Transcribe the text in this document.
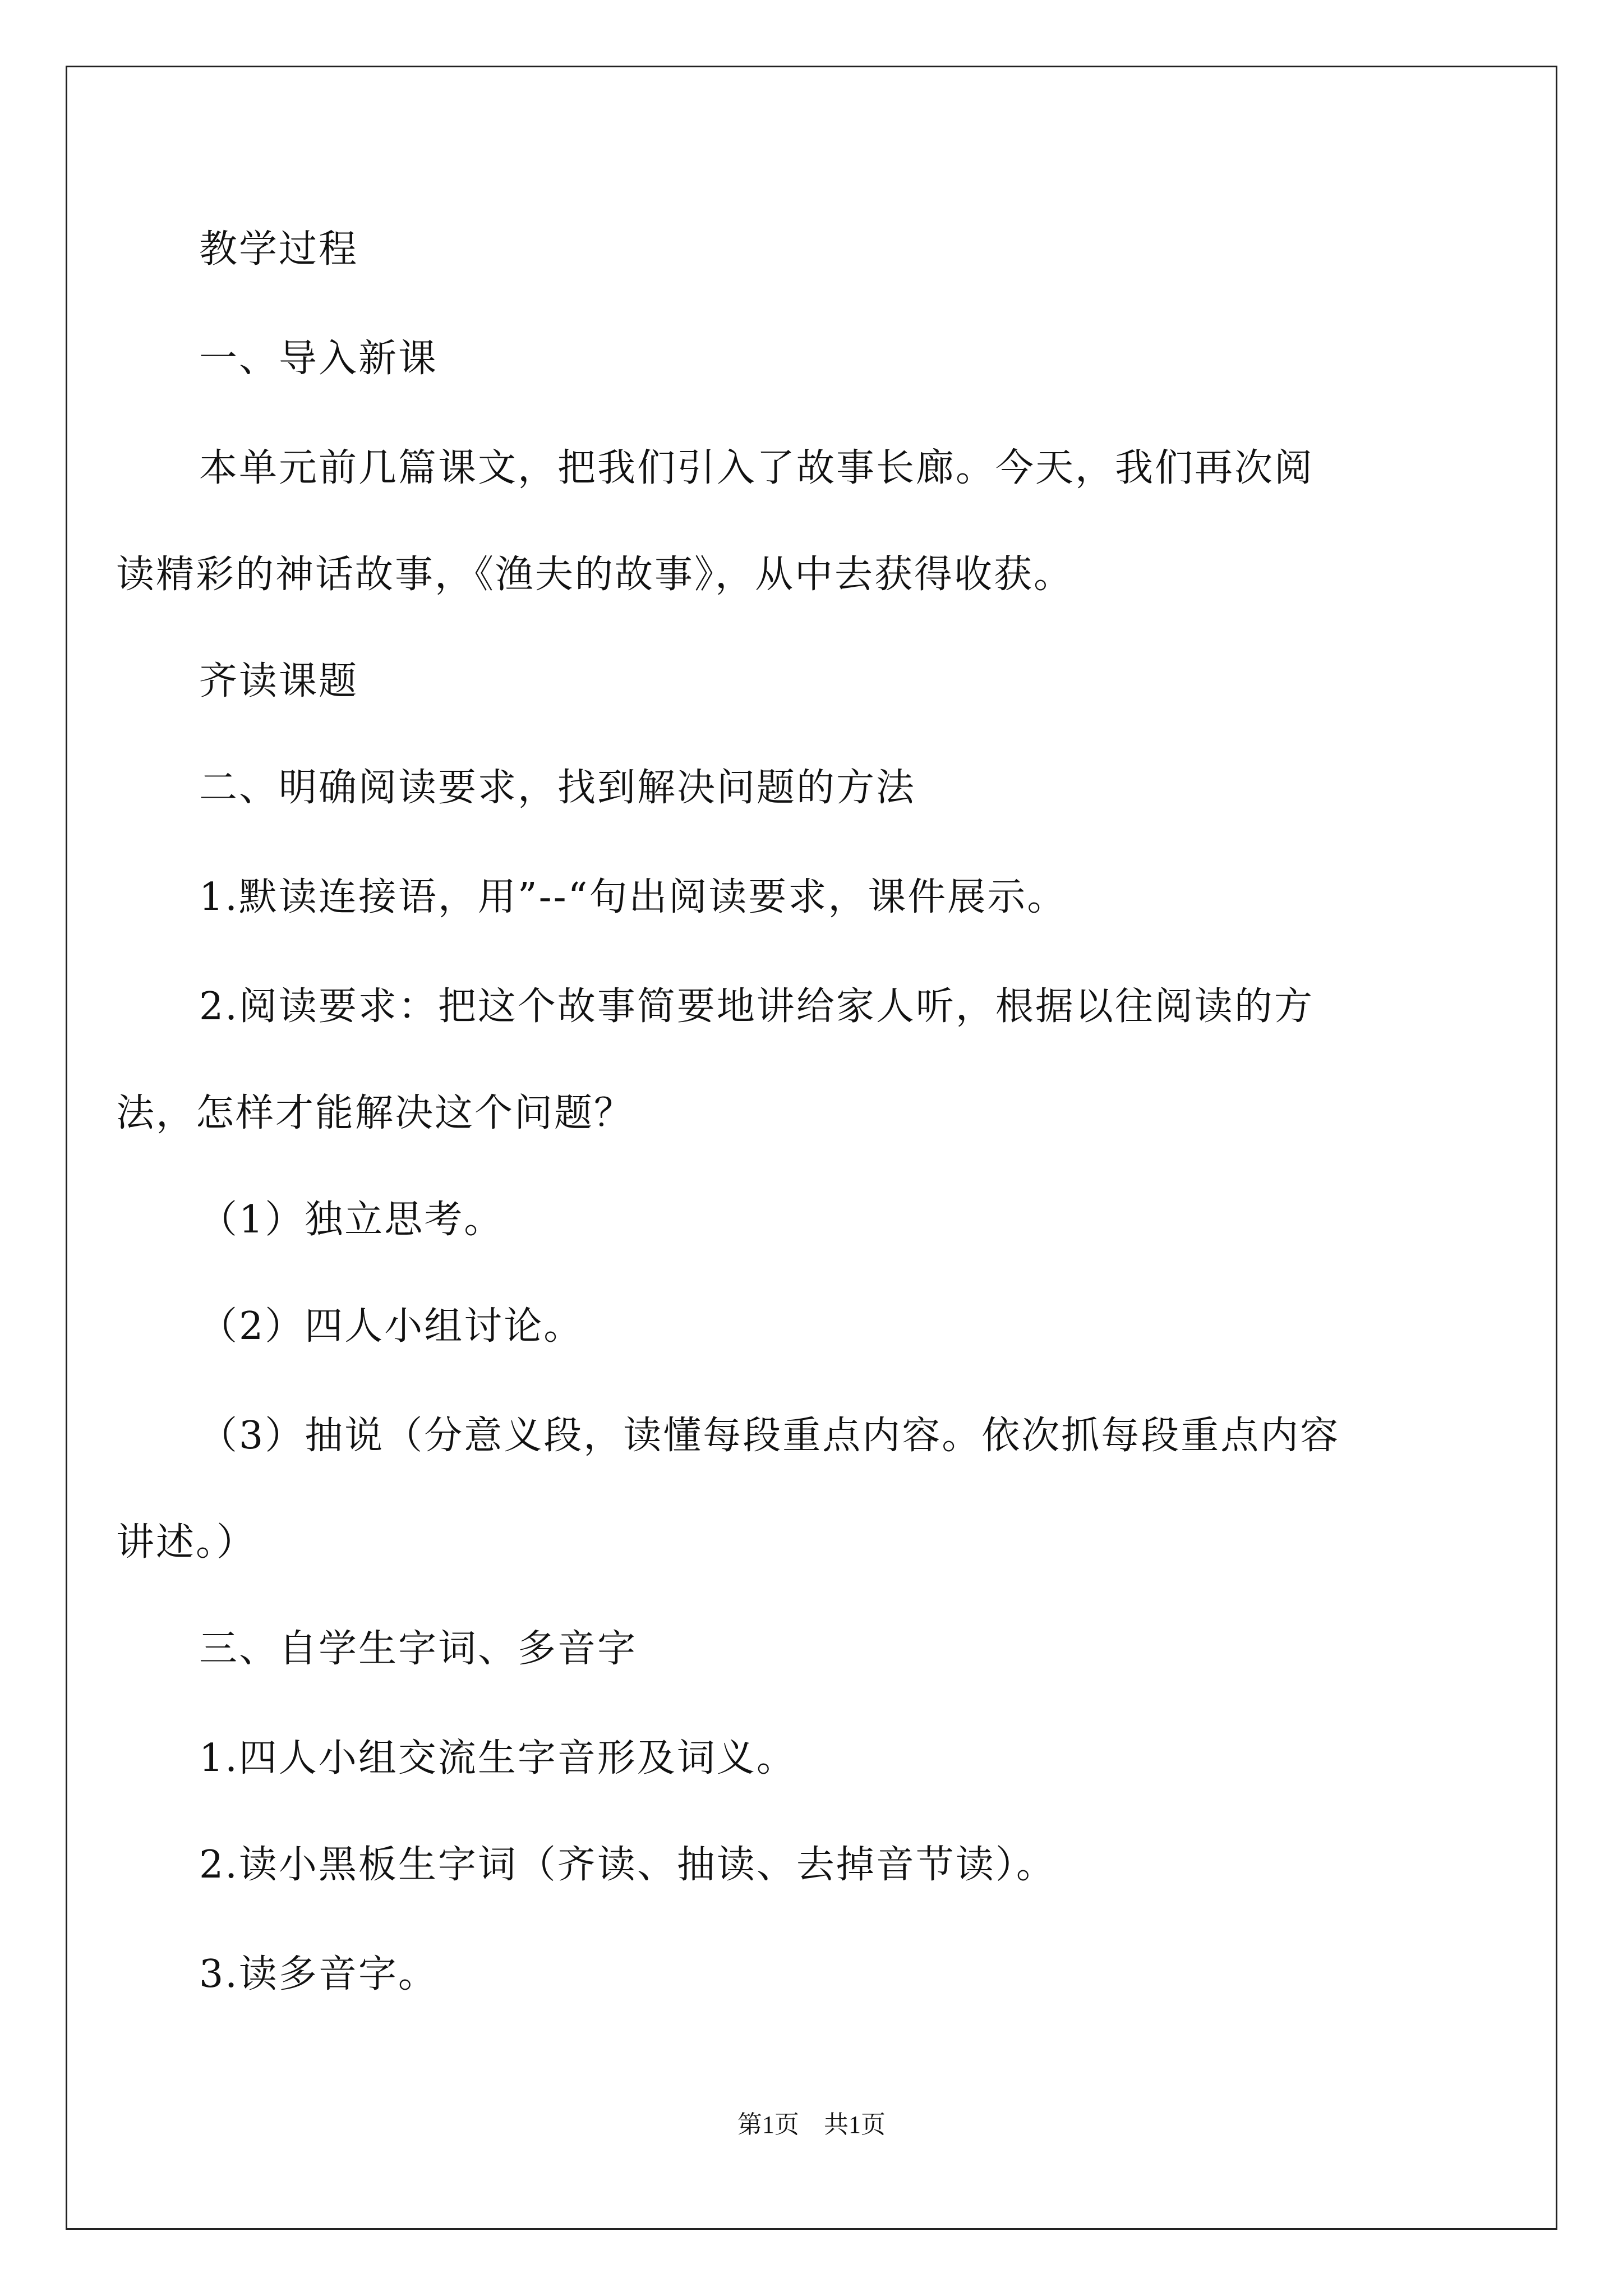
教学过程
一、导入新课
本单元前几篇课文，把我们引入了故事长廊。今天，我们再次阅
读精彩的神话故事，《渔夫的故事》，从中去获得收获。
齐读课题
二、明确阅读要求，找到解决问题的方法
1.默读连接语，用”--“句出阅读要求，课件展示。
2.阅读要求：把这个故事简要地讲给家人听，根据以往阅读的方
法，怎样才能解决这个问题？
（1）独立思考。
（2）四人小组讨论。
（3）抽说（分意义段，读懂每段重点内容。依次抓每段重点内容
讲述。）
三、自学生字词、多音字
1.四人小组交流生字音形及词义。
2.读小黑板生字词（齐读、抽读、去掉音节读）。
3.读多音字。
第1页　共1页
